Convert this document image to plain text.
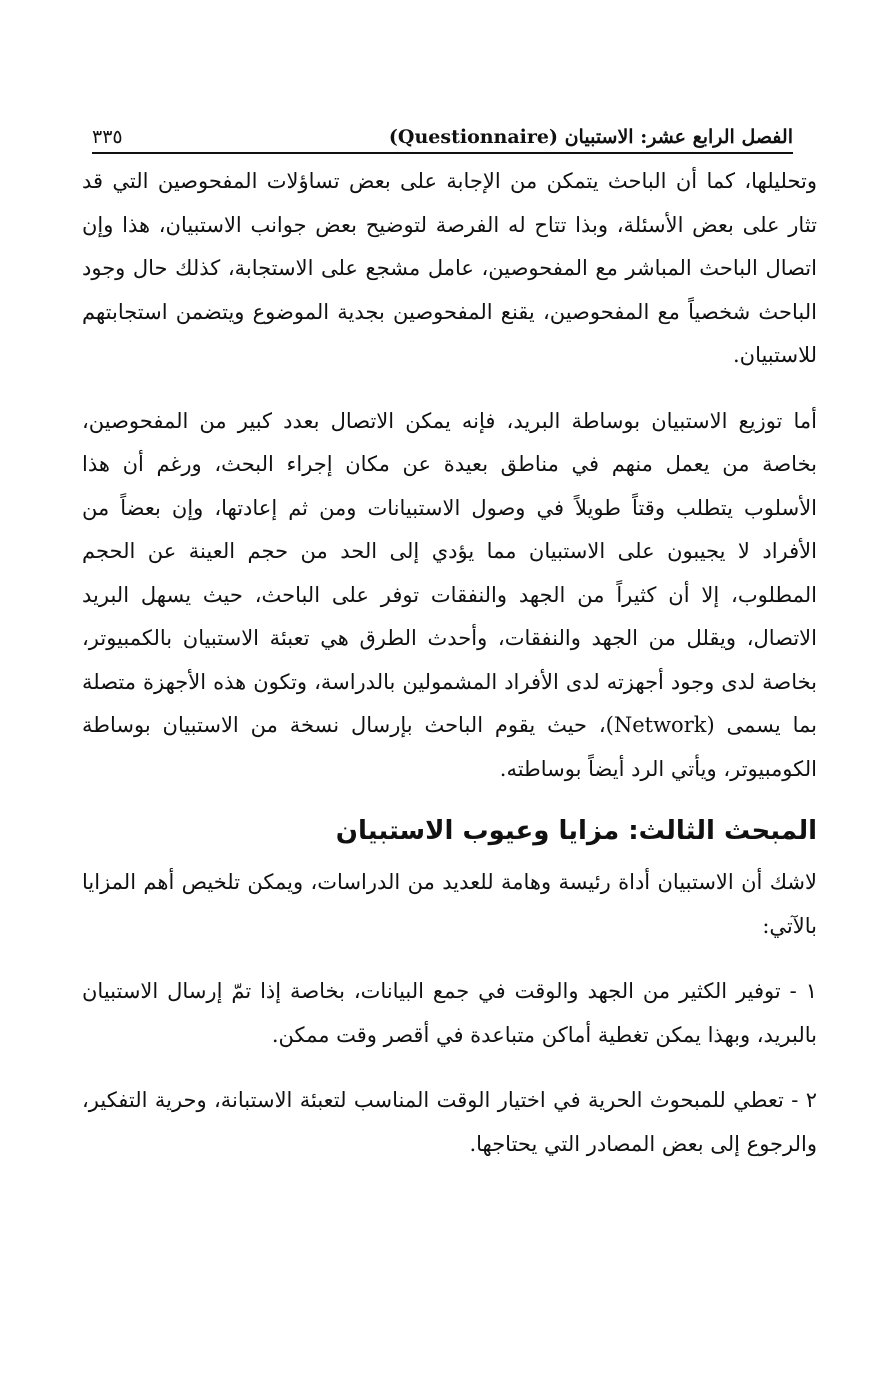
الفصل الرابع عشر: الاستبيان (Questionnaire)
٣٣٥

وتحليلها، كما أن الباحث يتمكن من الإجابة على بعض تساؤلات المفحوصين التي قد تثار على بعض الأسئلة، وبذا تتاح له الفرصة لتوضيح بعض جوانب الاستبيان، هذا وإن اتصال الباحث المباشر مع المفحوصين، عامل مشجع على الاستجابة، كذلك حال وجود الباحث شخصياً مع المفحوصين، يقنع المفحوصين بجدية الموضوع ويتضمن استجابتهم للاستبيان.

أما توزيع الاستبيان بوساطة البريد، فإنه يمكن الاتصال بعدد كبير من المفحوصين، بخاصة من يعمل منهم في مناطق بعيدة عن مكان إجراء البحث، ورغم أن هذا الأسلوب يتطلب وقتاً طويلاً في وصول الاستبيانات ومن ثم إعادتها، وإن بعضاً من الأفراد لا يجيبون على الاستبيان مما يؤدي إلى الحد من حجم العينة عن الحجم المطلوب، إلا أن كثيراً من الجهد والنفقات توفر على الباحث، حيث يسهل البريد الاتصال، ويقلل من الجهد والنفقات، وأحدث الطرق هي تعبئة الاستبيان بالكمبيوتر، بخاصة لدى وجود أجهزته لدى الأفراد المشمولين بالدراسة، وتكون هذه الأجهزة متصلة بما يسمى (Network)، حيث يقوم الباحث بإرسال نسخة من الاستبيان بوساطة الكومبيوتر، ويأتي الرد أيضاً بوساطته.

المبحث الثالث: مزايا وعيوب الاستبيان

لاشك أن الاستبيان أداة رئيسة وهامة للعديد من الدراسات، ويمكن تلخيص أهم المزايا بالآتي:

١ - توفير الكثير من الجهد والوقت في جمع البيانات، بخاصة إذا تمّ إرسال الاستبيان بالبريد، وبهذا يمكن تغطية أماكن متباعدة في أقصر وقت ممكن.

٢ - تعطي للمبحوث الحرية في اختيار الوقت المناسب لتعبئة الاستبانة، وحرية التفكير، والرجوع إلى بعض المصادر التي يحتاجها.
